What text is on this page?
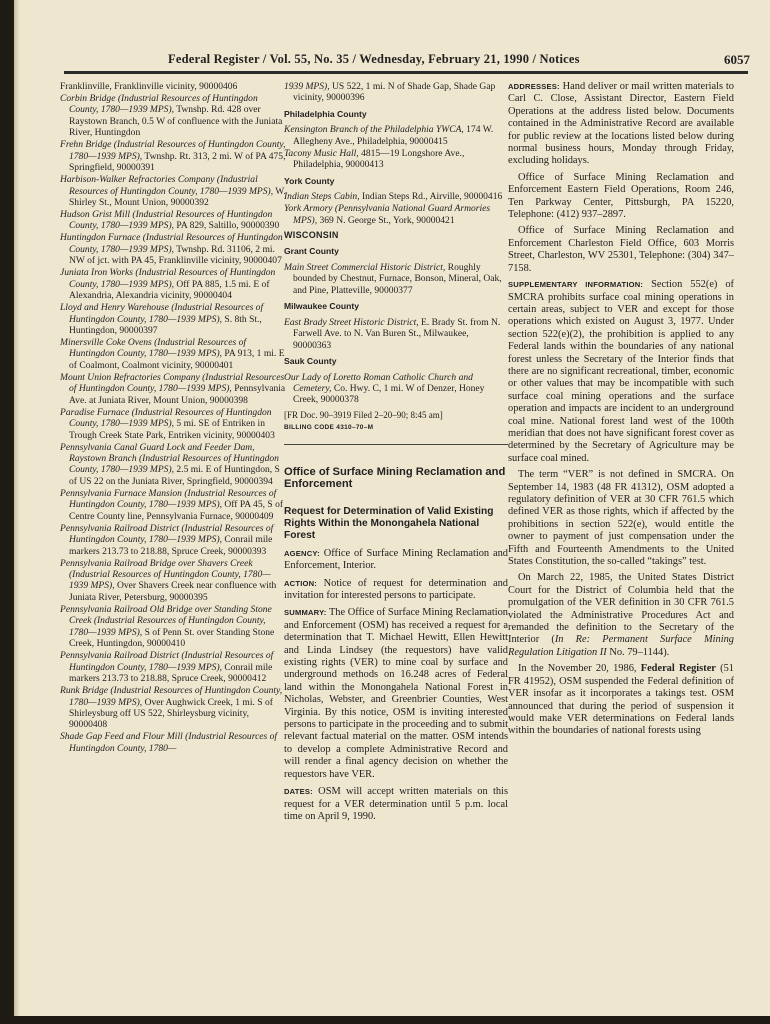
Federal Register / Vol. 55, No. 35 / Wednesday, February 21, 1990 / Notices	6057
Franklinville, Franklinville vicinity, 90000406
Corbin Bridge (Industrial Resources of Huntingdon County, 1780—1939 MPS), Twnshp. Rd. 428 over Raystown Branch, 0.5 W of confluence with the Juniata River, Huntingdon
Frehn Bridge (Industrial Resources of Huntingdon County, 1780—1939 MPS), Twnshp. Rt. 313, 2 mi. W of PA 475, Springfield, 90000391
Harbison-Walker Refractories Company (Industrial Resources of Huntingdon County, 1780—1939 MPS), W. Shirley St., Mount Union, 90000392
Hudson Grist Mill (Industrial Resources of Huntingdon County, 1780—1939 MPS), PA 829, Saltillo, 90000390
Huntingdon Furnace (Industrial Resources of Huntingdon County, 1780—1939 MPS), Twnshp. Rd. 31106, 2 mi. NW of jct. with PA 45, Franklinville vicinity, 90000407
Juniata Iron Works (Industrial Resources of Huntingdon County, 1780—1939 MPS), Off PA 885, 1.5 mi. E of Alexandria, Alexandria vicinity, 90000404
Lloyd and Henry Warehouse (Industrial Resources of Huntingdon County, 1780—1939 MPS), S. 8th St., Huntingdon, 90000397
Minersville Coke Ovens (Industrial Resources of Huntingdon County, 1780—1939 MPS), PA 913, 1 mi. E of Coalmont, Coalmont vicinity, 90000401
Mount Union Refractories Company (Industrial Resources of Huntingdon County, 1780—1939 MPS), Pennsylvania Ave. at Juniata River, Mount Union, 90000398
Paradise Furnace (Industrial Resources of Huntingdon County, 1780—1939 MPS), 5 mi. SE of Entriken in Trough Creek State Park, Entriken vicinity, 90000403
Pennsylvania Canal Guard Lock and Feeder Dam, Raystown Branch (Industrial Resources of Huntingdon County, 1780—1939 MPS), 2.5 mi. E of Huntingdon, S of US 22 on the Juniata River, Springfield, 90000394
Pennsylvania Furnace Mansion (Industrial Resources of Huntingdon County, 1780—1939 MPS), Off PA 45, S of Centre County line, Pennsylvania Furnace, 90000409
Pennsylvania Railroad District (Industrial Resources of Huntingdon County, 1780—1939 MPS), Conrail mile markers 213.73 to 218.88, Spruce Creek, 90000393
Pennsylvania Railroad Bridge over Shavers Creek (Industrial Resources of Huntingdon County, 1780—1939 MPS), Over Shavers Creek near confluence with Juniata River, Petersburg, 90000395
Pennsylvania Railroad Old Bridge over Standing Stone Creek (Industrial Resources of Huntingdon County, 1780—1939 MPS), S of Penn St. over Standing Stone Creek, Huntingdon, 90000410
Pennsylvania Railroad District (Industrial Resources of Huntingdon County, 1780—1939 MPS), Conrail mile markers 213.73 to 218.88, Spruce Creek, 90000412
Runk Bridge (Industrial Resources of Huntingdon County, 1780—1939 MPS), Over Aughwick Creek, 1 mi. S of Shirleysburg off US 522, Shirleysburg vicinity, 90000408
Shade Gap Feed and Flour Mill (Industrial Resources of Huntingdon County, 1780—
1939 MPS), US 522, 1 mi. N of Shade Gap, Shade Gap vicinity, 90000396
Philadelphia County
Kensington Branch of the Philadelphia YWCA, 174 W. Allegheny Ave., Philadelphia, 90000415
Tacony Music Hall, 4815—19 Longshore Ave., Philadelphia, 90000413
York County
Indian Steps Cabin, Indian Steps Rd., Airville, 90000416
York Armory (Pennsylvania National Guard Armories MPS), 369 N. George St., York, 90000421
WISCONSIN
Grant County
Main Street Commercial Historic District, Roughly bounded by Chestnut, Furnace, Bonson, Mineral, Oak, and Pine, Platteville, 90000377
Milwaukee County
East Brady Street Historic District, E. Brady St. from N. Farwell Ave. to N. Van Buren St., Milwaukee, 90000363
Sauk County
Our Lady of Loretto Roman Catholic Church and Cemetery, Co. Hwy. C, 1 mi. W of Denzer, Honey Creek, 90000378
[FR Doc. 90–3919 Filed 2–20–90; 8:45 am]
BILLING CODE 4310–70–M
Office of Surface Mining Reclamation and Enforcement
Request for Determination of Valid Existing Rights Within the Monongahela National Forest

AGENCY: Office of Surface Mining Reclamation and Enforcement, Interior.

ACTION: Notice of request for determination and invitation for interested persons to participate.

SUMMARY: The Office of Surface Mining Reclamation and Enforcement (OSM) has received a request for a determination that T. Michael Hewitt, Ellen Hewitt and Linda Lindsey (the requestors) have valid existing rights (VER) to mine coal by surface and underground methods on 16.248 acres of Federal land within the Monongahela National Forest in Nicholas, Webster, and Greenbrier Counties, West Virginia. By this notice, OSM is inviting interested persons to participate in the proceeding and to submit relevant factual material on the matter. OSM intends to develop a complete Administrative Record and will render a final agency decision on whether the requestors have VER.

DATES: OSM will accept written materials on this request for a VER determination until 5 p.m. local time on April 9, 1990.

ADDRESSES: Hand deliver or mail written materials to Carl C. Close, Assistant Director, Eastern Field Operations at the address listed below. Documents contained in the Administrative Record are available for public review at the locations listed below during normal business hours, Monday through Friday, excluding holidays.

Office of Surface Mining Reclamation and Enforcement Eastern Field Operations, Room 246, Ten Parkway Center, Pittsburgh, PA 15220, Telephone: (412) 937–2897.

Office of Surface Mining Reclamation and Enforcement Charleston Field Office, 603 Morris Street, Charleston, WV 25301, Telephone: (304) 347–7158.

SUPPLEMENTARY INFORMATION: Section 552(e) of SMCRA prohibits surface coal mining operations in certain areas, subject to VER and except for those operations which existed on August 3, 1977. Under section 522(e)(2), the prohibition is applied to any Federal lands within the boundaries of any national forest unless the Secretary of the Interior finds that there are no significant recreational, timber, economic or other values that may be incompatible with such surface coal mining operations and the surface operation and impacts are incident to an underground coal mine. National forest land west of the 100th meridian that does not have significant forest cover as determined by the Secretary of Agriculture may be surface coal mined.

The term “VER” is not defined in SMCRA. On September 14, 1983 (48 FR 41312), OSM adopted a regulatory definition of VER at 30 CFR 761.5 which defined VER as those rights, which if affected by the prohibitions in section 522(e), would entitle the owner to payment of just compensation under the Fifth and Fourteenth Amendments to the United States Constitution, the so-called “takings” test.

On March 22, 1985, the United States District Court for the District of Columbia held that the promulgation of the VER definition in 30 CFR 761.5 violated the Administrative Procedures Act and remanded the definition to the Secretary of the Interior (In Re: Permanent Surface Mining Regulation Litigation II No. 79–1144).

In the November 20, 1986, Federal Register (51 FR 41952), OSM suspended the Federal definition of VER insofar as it incorporates a takings test. OSM announced that during the period of suspension it would make VER determinations on Federal lands within the boundaries of national forests using
